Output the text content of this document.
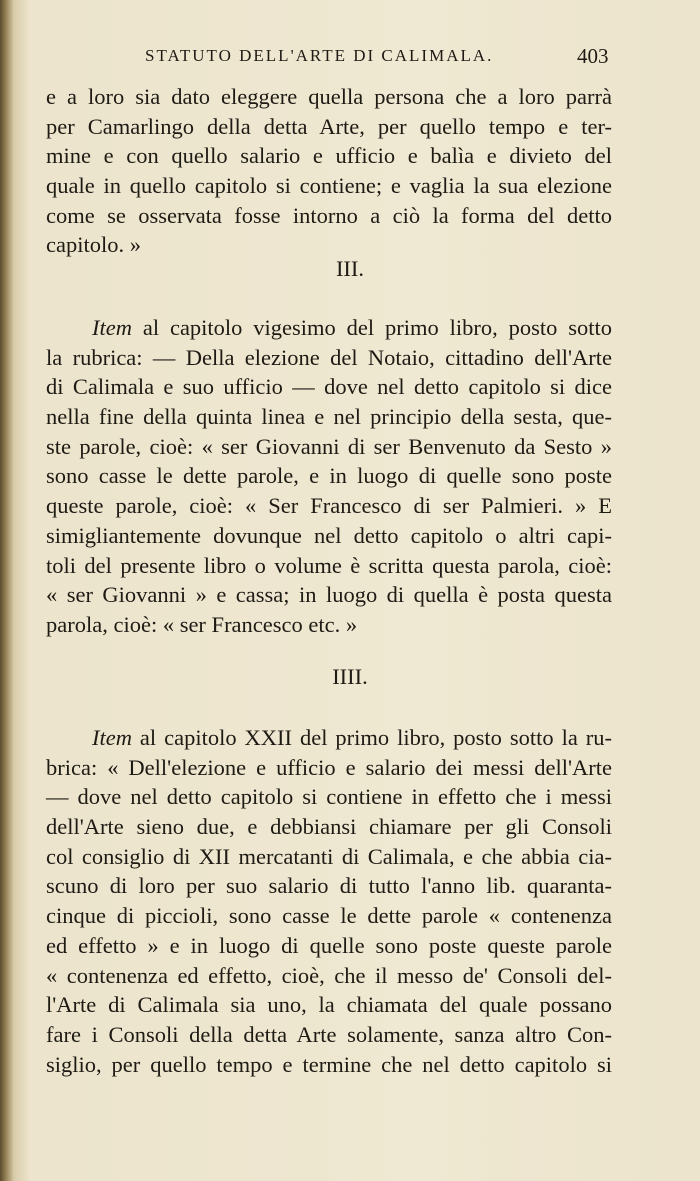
STATUTO DELL'ARTE DI CALIMALA.	403
e a loro sia dato eleggere quella persona che a loro parrà
per Camarlingo della detta Arte, per quello tempo e ter-
mine e con quello salario e ufficio e balìa e divieto del
quale in quello capitolo si contiene; e vaglia la sua elezione
come se osservata fosse intorno a ciò la forma del detto
capitolo. »
III.
Item al capitolo vigesimo del primo libro, posto sotto
la rubrica: — Della elezione del Notaio, cittadino dell'Arte
di Calimala e suo ufficio — dove nel detto capitolo si dice
nella fine della quinta linea e nel principio della sesta, que-
ste parole, cioè: « ser Giovanni di ser Benvenuto da Sesto »
sono casse le dette parole, e in luogo di quelle sono poste
queste parole, cioè: « Ser Francesco di ser Palmieri. » E
simigliantemente dovunque nel detto capitolo o altri capi-
toli del presente libro o volume è scritta questa parola, cioè:
« ser Giovanni » e cassa; in luogo di quella è posta questa
parola, cioè: « ser Francesco etc. »
IIII.
Item al capitolo XXII del primo libro, posto sotto la ru-
brica: « Dell'elezione e ufficio e salario dei messi dell'Arte
— dove nel detto capitolo si contiene in effetto che i messi
dell'Arte sieno due, e debbiansi chiamare per gli Consoli
col consiglio di XII mercatanti di Calimala, e che abbia cia-
scuno di loro per suo salario di tutto l'anno lib. quaranta-
cinque di piccioli, sono casse le dette parole « contenenza
ed effetto » e in luogo di quelle sono poste queste parole
« contenenza ed effetto, cioè, che il messo de' Consoli del-
l'Arte di Calimala sia uno, la chiamata del quale possano
fare i Consoli della detta Arte solamente, sanza altro Con-
siglio, per quello tempo e termine che nel detto capitolo si
